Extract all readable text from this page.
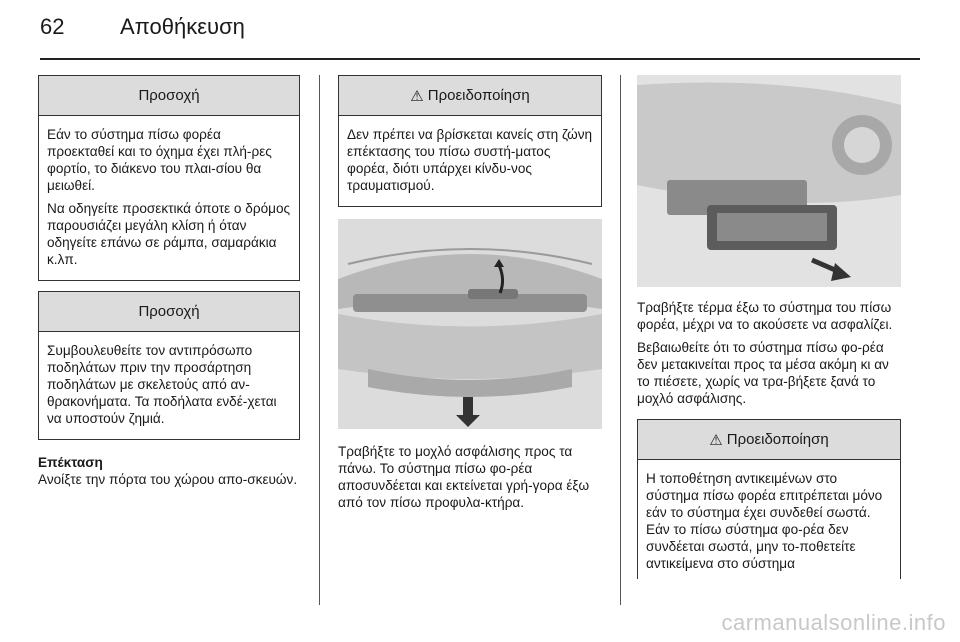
62	Αποθήκευση
Προσοχή

Εάν το σύστημα πίσω φορέα προεκταθεί και το όχημα έχει πλή-ρες φορτίο, το διάκενο του πλαι-σίου θα μειωθεί.

Να οδηγείτε προσεκτικά όποτε ο δρόμος παρουσιάζει μεγάλη κλίση ή όταν οδηγείτε επάνω σε ράμπα, σαμαράκια κ.λπ.

Προσοχή

Συμβουλευθείτε τον αντιπρόσωπο ποδηλάτων πριν την προσάρτηση ποδηλάτων με σκελετούς από αν-θρακονήματα. Τα ποδήλατα ενδέ-χεται να υποστούν ζημιά.

Επέκταση

Ανοίξτε την πόρτα του χώρου απο-σκευών.

⚠ Προειδοποίηση

Δεν πρέπει να βρίσκεται κανείς στη ζώνη επέκτασης του πίσω συστή-ματος φορέα, διότι υπάρχει κίνδυ-νος τραυματισμού.

Τραβήξτε το μοχλό ασφάλισης προς τα πάνω. Το σύστημα πίσω φο-ρέα αποσυνδέεται και εκτείνεται γρή-γορα έξω από τον πίσω προφυλα-κτήρα.

Τραβήξτε τέρμα έξω το σύστημα του πίσω φορέα, μέχρι να το ακούσετε να ασφαλίζει.

Βεβαιωθείτε ότι το σύστημα πίσω φο-ρέα δεν μετακινείται προς τα μέσα ακόμη κι αν το πιέσετε, χωρίς να τρα-βήξετε ξανά το μοχλό ασφάλισης.

⚠ Προειδοποίηση

Η τοποθέτηση αντικειμένων στο σύστημα πίσω φορέα επιτρέπεται μόνο εάν το σύστημα έχει συνδεθεί σωστά. Εάν το πίσω σύστημα φο-ρέα δεν συνδέεται σωστά, μην το-ποθετείτε αντικείμενα στο σύστημα

carmanualsonline.info
